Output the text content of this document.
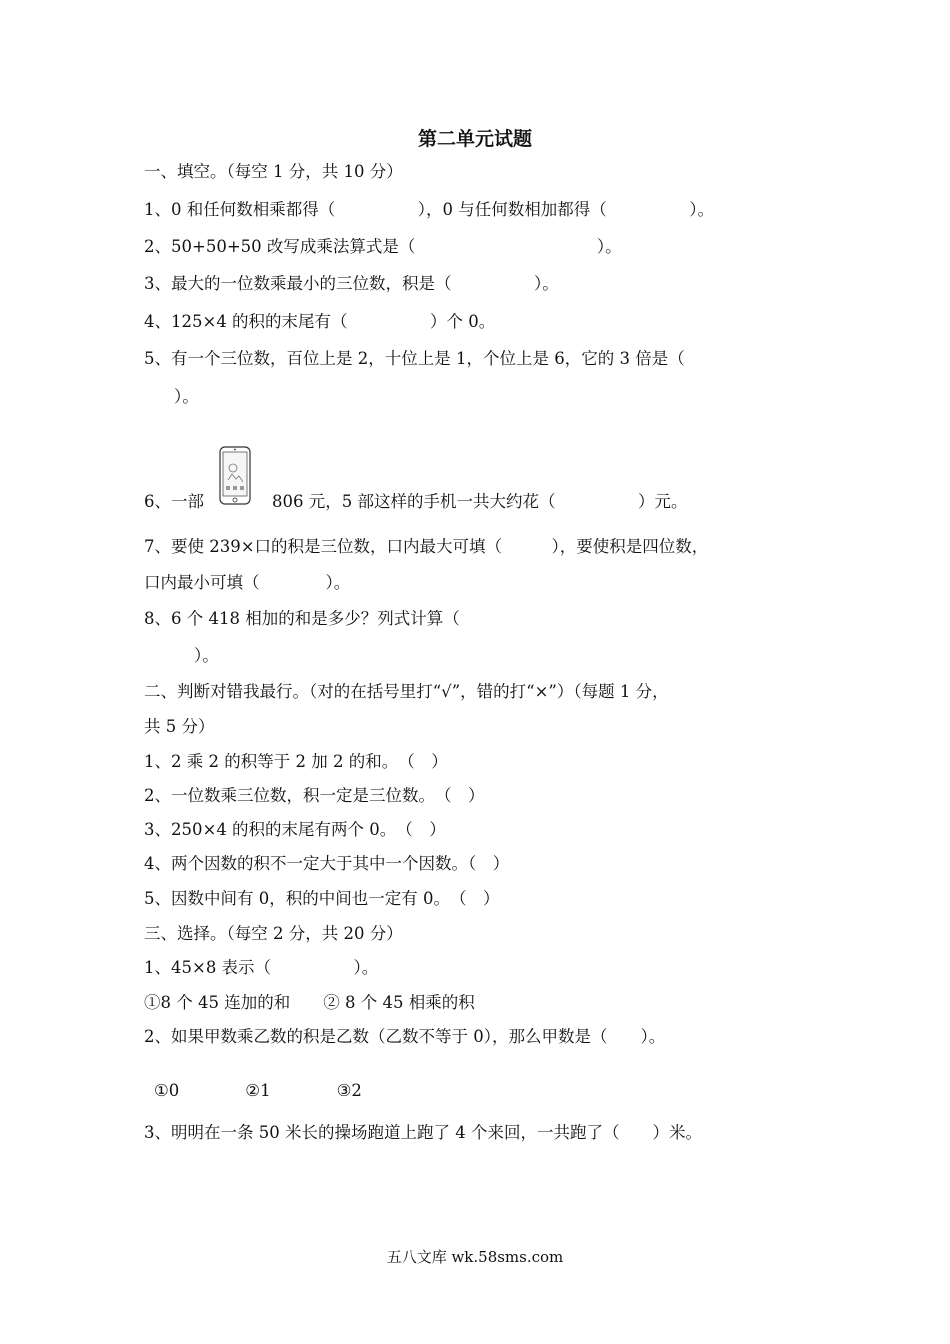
第二单元试题
一、填空。（每空 1 分，共 10 分）
1、0 和任何数相乘都得（　　　　　），0 与任何数相加都得（　　　　　）。
2、50+50+50 改写成乘法算式是（　　　　　　　　　　　）。
3、最大的一位数乘最小的三位数，积是（　　　　　）。
4、125×4 的积的末尾有（　　　　　）个 0。
5、有一个三位数，百位上是 2，十位上是 1，个位上是 6，它的 3 倍是（
）。
6、一部	806 元，5 部这样的手机一共大约花（　　　　　）元。
7、要使 239×口的积是三位数，口内最大可填（　　　），要使积是四位数，
口内最小可填（　　　　）。
8、6 个 418 相加的和是多少？列式计算（
）。
二、判断对错我最行。（对的在括号里打“√”，错的打“×”）（每题 1 分，
共 5 分）
1、2 乘 2 的积等于 2 加 2 的和。　（　）
2、一位数乘三位数，积一定是三位数。　（　）
3、250×4 的积的末尾有两个 0。　（　）
4、两个因数的积不一定大于其中一个因数。（　）
5、因数中间有 0，积的中间也一定有 0。　（　）
三、选择。（每空 2 分，共 20 分）
1、45×8 表示（　　　　　）。
①8 个 45 连加的和　　② 8 个 45 相乘的积
2、如果甲数乘乙数的积是乙数（乙数不等于 0），那么甲数是（　　）。
①0　　　　②1　　　　③2
3、明明在一条 50 米长的操场跑道上跑了 4 个来回，一共跑了（　　）米。
五八文库 wk.58sms.com
